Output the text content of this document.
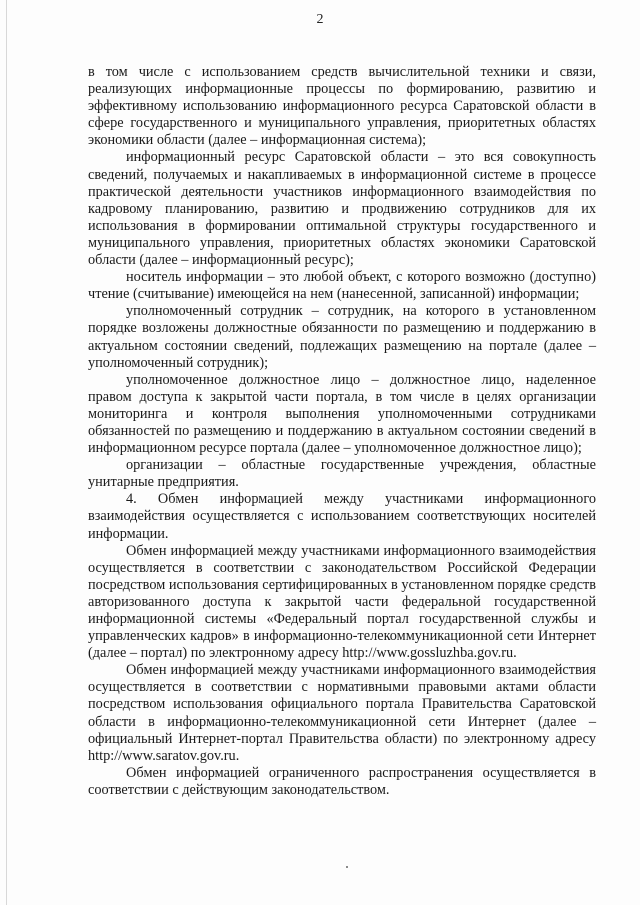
2

в том числе с использованием средств вычислительной техники и связи, реализующих информационные процессы по формированию, развитию и эффективному использованию информационного ресурса Саратовской области в сфере государственного и муниципального управления, приоритетных областях экономики области (далее – информационная система);

информационный ресурс Саратовской области – это вся совокупность сведений, получаемых и накапливаемых в информационной системе в процессе практической деятельности участников информационного взаимодействия по кадровому планированию, развитию и продвижению сотрудников для их использования в формировании оптимальной структуры государственного и муниципального управления, приоритетных областях экономики Саратовской области (далее – информационный ресурс);

носитель информации – это любой объект, с которого возможно (доступно) чтение (считывание) имеющейся на нем (нанесенной, записанной) информации;

уполномоченный сотрудник – сотрудник, на которого в установленном порядке возложены должностные обязанности по размещению и поддержанию в актуальном состоянии сведений, подлежащих размещению на портале (далее – уполномоченный сотрудник);

уполномоченное должностное лицо – должностное лицо, наделенное правом доступа к закрытой части портала, в том числе в целях организации мониторинга и контроля выполнения уполномоченными сотрудниками обязанностей по размещению и поддержанию в актуальном состоянии сведений в информационном ресурсе портала (далее – уполномоченное должностное лицо);

организации – областные государственные учреждения, областные унитарные предприятия.

4. Обмен информацией между участниками информационного взаимодействия осуществляется с использованием соответствующих носителей информации.

Обмен информацией между участниками информационного взаимодействия осуществляется в соответствии с законодательством Российской Федерации посредством использования сертифицированных в установленном порядке средств авторизованного доступа к закрытой части федеральной государственной информационной системы «Федеральный портал государственной службы и управленческих кадров» в информационно-телекоммуникационной сети Интернет (далее – портал) по электронному адресу http://www.gossluzhba.gov.ru.

Обмен информацией между участниками информационного взаимодействия осуществляется в соответствии с нормативными правовыми актами области посредством использования официального портала Правительства Саратовской области в информационно-телекоммуникационной сети Интернет (далее – официальный Интернет-портал Правительства области) по электронному адресу http://www.saratov.gov.ru.

Обмен информацией ограниченного распространения осуществляется в соответствии с действующим законодательством.
